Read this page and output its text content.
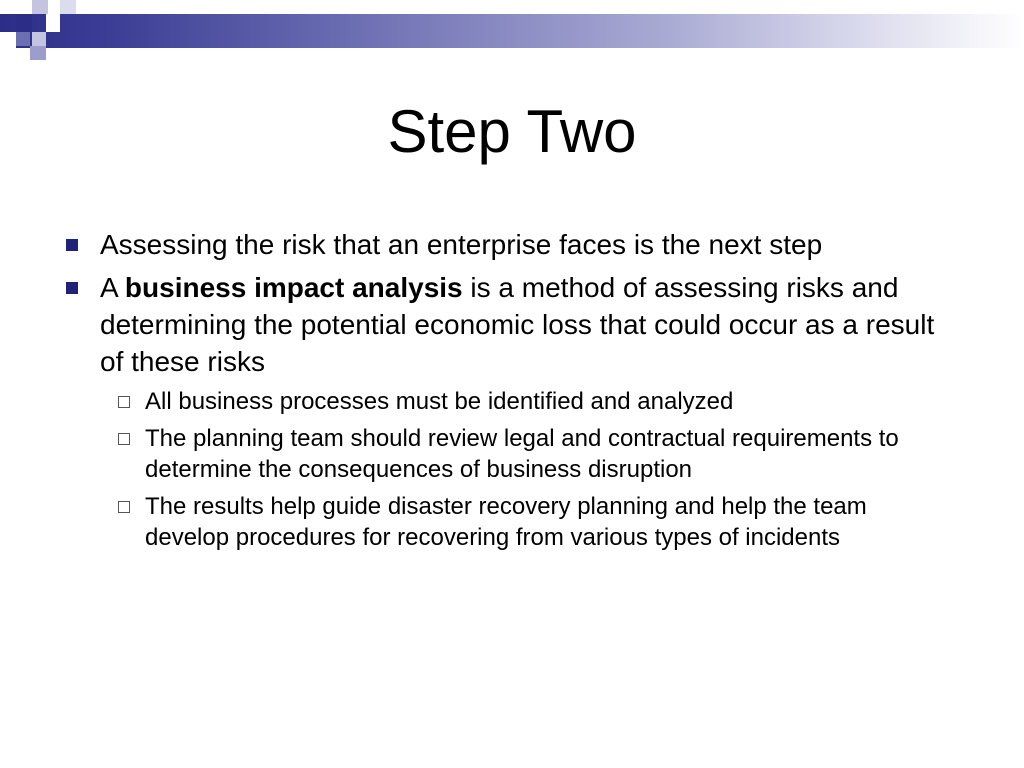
Step Two
Assessing the risk that an enterprise faces is the next step
A business impact analysis is a method of assessing risks and determining the potential economic loss that could occur as a result of these risks
All business processes must be identified and analyzed
The planning team should review legal and contractual requirements to determine the consequences of business disruption
The results help guide disaster recovery planning and help the team develop procedures for recovering from various types of incidents
